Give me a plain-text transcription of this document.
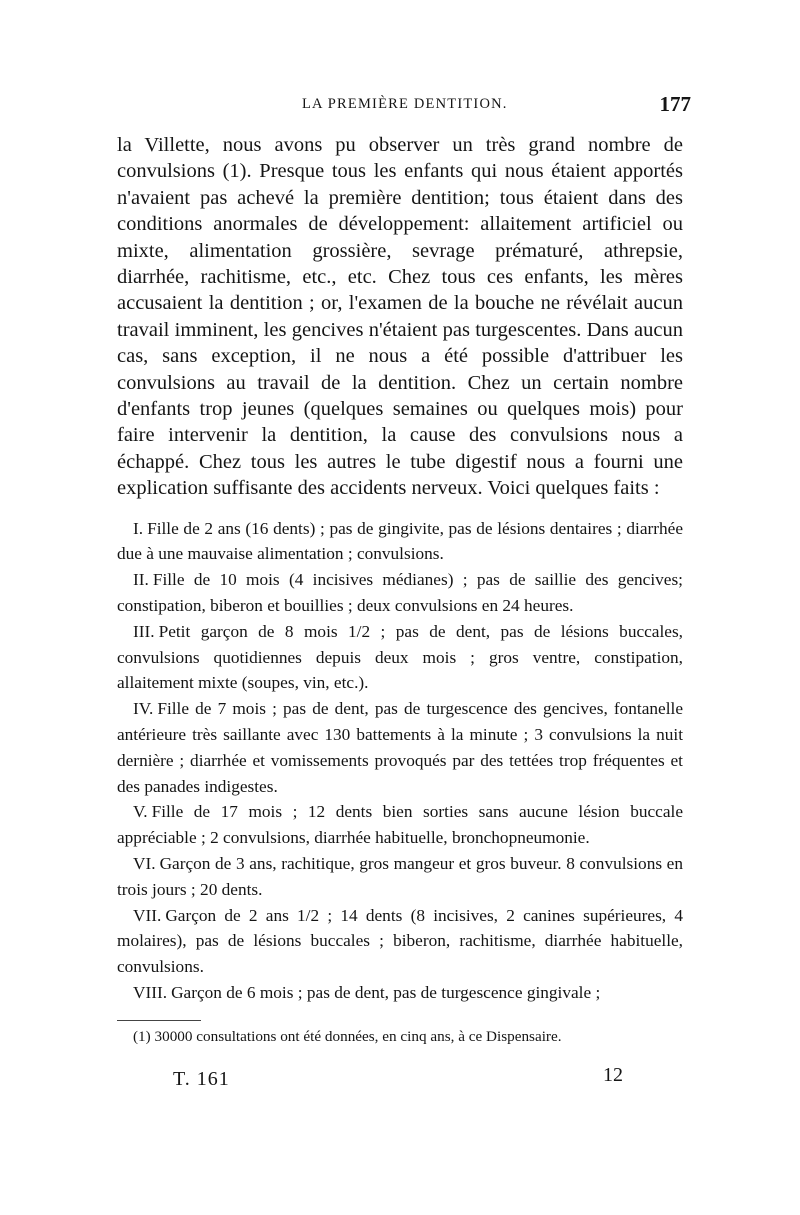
LA PREMIÈRE DENTITION.	177

la Villette, nous avons pu observer un très grand nombre de convulsions (1). Presque tous les enfants qui nous étaient apportés n'avaient pas achevé la première dentition; tous étaient dans des conditions anormales de développement: allaitement artificiel ou mixte, alimentation grossière, sevrage prématuré, athrepsie, diarrhée, rachitisme, etc., etc. Chez tous ces enfants, les mères accusaient la dentition ; or, l'examen de la bouche ne révélait aucun travail imminent, les gencives n'étaient pas turgescentes. Dans aucun cas, sans exception, il ne nous a été possible d'attribuer les convulsions au travail de la dentition. Chez un certain nombre d'enfants trop jeunes (quelques semaines ou quelques mois) pour faire intervenir la dentition, la cause des convulsions nous a échappé. Chez tous les autres le tube digestif nous a fourni une explication suffisante des accidents nerveux. Voici quelques faits :

I. Fille de 2 ans (16 dents) ; pas de gingivite, pas de lésions dentaires ; diarrhée due à une mauvaise alimentation ; convulsions.

II. Fille de 10 mois (4 incisives médianes) ; pas de saillie des gencives; constipation, biberon et bouillies ; deux convulsions en 24 heures.

III. Petit garçon de 8 mois 1/2 ; pas de dent, pas de lésions buccales, convulsions quotidiennes depuis deux mois ; gros ventre, constipation, allaitement mixte (soupes, vin, etc.).

IV. Fille de 7 mois ; pas de dent, pas de turgescence des gencives, fontanelle antérieure très saillante avec 130 battements à la minute ; 3 convulsions la nuit dernière ; diarrhée et vomissements provoqués par des tettées trop fréquentes et des panades indigestes.

V. Fille de 17 mois ; 12 dents bien sorties sans aucune lésion buccale appréciable ; 2 convulsions, diarrhée habituelle, bronchopneumonie.

VI. Garçon de 3 ans, rachitique, gros mangeur et gros buveur. 8 convulsions en trois jours ; 20 dents.

VII. Garçon de 2 ans 1/2 ; 14 dents (8 incisives, 2 canines supérieures, 4 molaires), pas de lésions buccales ; biberon, rachitisme, diarrhée habituelle, convulsions.

VIII. Garçon de 6 mois ; pas de dent, pas de turgescence gingivale ;

(1) 30000 consultations ont été données, en cinq ans, à ce Dispensaire.

T. 161	12
